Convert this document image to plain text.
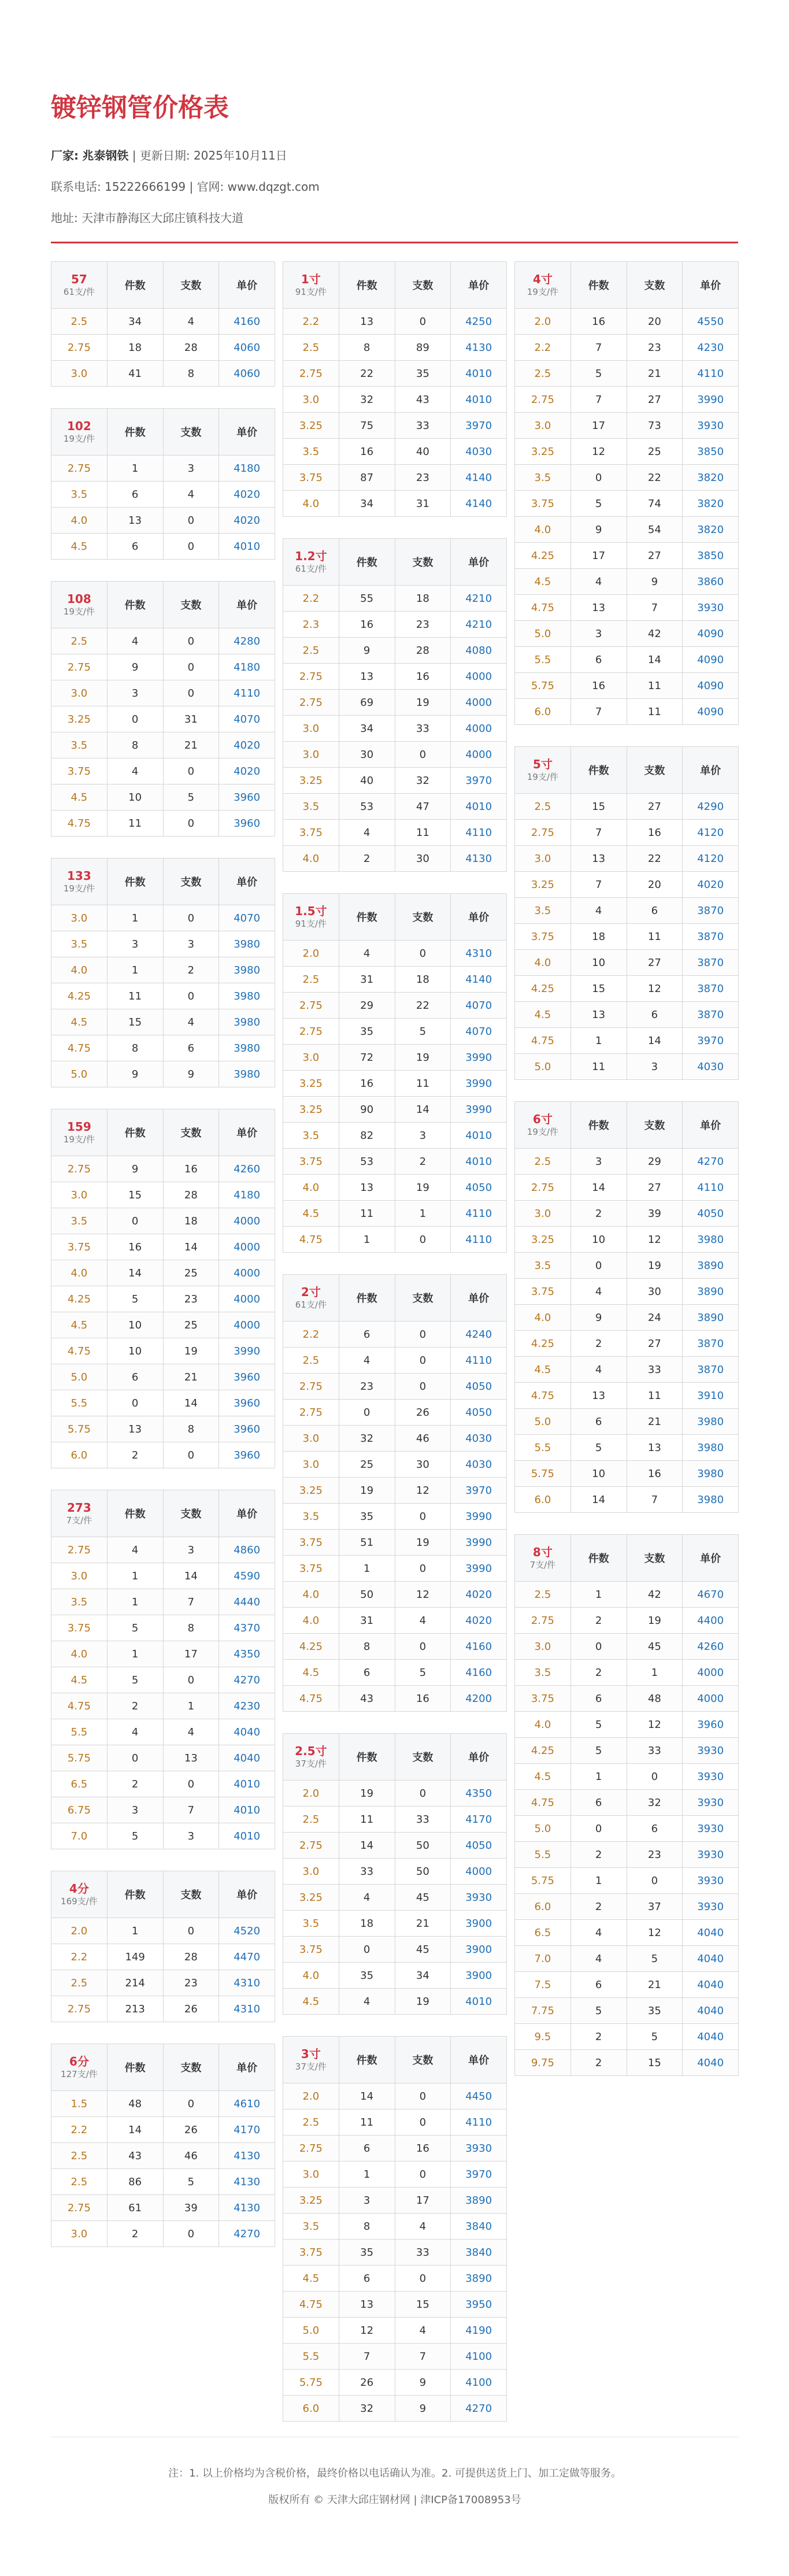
镀锌钢管价格表

厂家: 兆泰钢铁 | 更新日期: 2025年10月11日

联系电话: 15222666199 | 官网: www.dqzgt.com

地址: 天津市静海区大邱庄镇科技大道

57
61支/件	件数	支数	单价
2.5	34	4	4160
2.75	18	28	4060
3.0	41	8	4060
102
19支/件	件数	支数	单价
2.75	1	3	4180
3.5	6	4	4020
4.0	13	0	4020
4.5	6	0	4010
108
19支/件	件数	支数	单价
2.5	4	0	4280
2.75	9	0	4180
3.0	3	0	4110
3.25	0	31	4070
3.5	8	21	4020
3.75	4	0	4020
4.5	10	5	3960
4.75	11	0	3960
133
19支/件	件数	支数	单价
3.0	1	0	4070
3.5	3	3	3980
4.0	1	2	3980
4.25	11	0	3980
4.5	15	4	3980
4.75	8	6	3980
5.0	9	9	3980
159
19支/件	件数	支数	单价
2.75	9	16	4260
3.0	15	28	4180
3.5	0	18	4000
3.75	16	14	4000
4.0	14	25	4000
4.25	5	23	4000
4.5	10	25	4000
4.75	10	19	3990
5.0	6	21	3960
5.5	0	14	3960
5.75	13	8	3960
6.0	2	0	3960
273
7支/件	件数	支数	单价
2.75	4	3	4860
3.0	1	14	4590
3.5	1	7	4440
3.75	5	8	4370
4.0	1	17	4350
4.5	5	0	4270
4.75	2	1	4230
5.5	4	4	4040
5.75	0	13	4040
6.5	2	0	4010
6.75	3	7	4010
7.0	5	3	4010
4分
169支/件	件数	支数	单价
2.0	1	0	4520
2.2	149	28	4470
2.5	214	23	4310
2.75	213	26	4310
6分
127支/件	件数	支数	单价
1.5	48	0	4610
2.2	14	26	4170
2.5	43	46	4130
2.5	86	5	4130
2.75	61	39	4130
3.0	2	0	4270
1寸
91支/件	件数	支数	单价
2.2	13	0	4250
2.5	8	89	4130
2.75	22	35	4010
3.0	32	43	4010
3.25	75	33	3970
3.5	16	40	4030
3.75	87	23	4140
4.0	34	31	4140
1.2寸
61支/件	件数	支数	单价
2.2	55	18	4210
2.3	16	23	4210
2.5	9	28	4080
2.75	13	16	4000
2.75	69	19	4000
3.0	34	33	4000
3.0	30	0	4000
3.25	40	32	3970
3.5	53	47	4010
3.75	4	11	4110
4.0	2	30	4130
1.5寸
91支/件	件数	支数	单价
2.0	4	0	4310
2.5	31	18	4140
2.75	29	22	4070
2.75	35	5	4070
3.0	72	19	3990
3.25	16	11	3990
3.25	90	14	3990
3.5	82	3	4010
3.75	53	2	4010
4.0	13	19	4050
4.5	11	1	4110
4.75	1	0	4110
2寸
61支/件	件数	支数	单价
2.2	6	0	4240
2.5	4	0	4110
2.75	23	0	4050
2.75	0	26	4050
3.0	32	46	4030
3.0	25	30	4030
3.25	19	12	3970
3.5	35	0	3990
3.75	51	19	3990
3.75	1	0	3990
4.0	50	12	4020
4.0	31	4	4020
4.25	8	0	4160
4.5	6	5	4160
4.75	43	16	4200
2.5寸
37支/件	件数	支数	单价
2.0	19	0	4350
2.5	11	33	4170
2.75	14	50	4050
3.0	33	50	4000
3.25	4	45	3930
3.5	18	21	3900
3.75	0	45	3900
4.0	35	34	3900
4.5	4	19	4010
3寸
37支/件	件数	支数	单价
2.0	14	0	4450
2.5	11	0	4110
2.75	6	16	3930
3.0	1	0	3970
3.25	3	17	3890
3.5	8	4	3840
3.75	35	33	3840
4.5	6	0	3890
4.75	13	15	3950
5.0	12	4	4190
5.5	7	7	4100
5.75	26	9	4100
6.0	32	9	4270
4寸
19支/件	件数	支数	单价
2.0	16	20	4550
2.2	7	23	4230
2.5	5	21	4110
2.75	7	27	3990
3.0	17	73	3930
3.25	12	25	3850
3.5	0	22	3820
3.75	5	74	3820
4.0	9	54	3820
4.25	17	27	3850
4.5	4	9	3860
4.75	13	7	3930
5.0	3	42	4090
5.5	6	14	4090
5.75	16	11	4090
6.0	7	11	4090
5寸
19支/件	件数	支数	单价
2.5	15	27	4290
2.75	7	16	4120
3.0	13	22	4120
3.25	7	20	4020
3.5	4	6	3870
3.75	18	11	3870
4.0	10	27	3870
4.25	15	12	3870
4.5	13	6	3870
4.75	1	14	3970
5.0	11	3	4030
6寸
19支/件	件数	支数	单价
2.5	3	29	4270
2.75	14	27	4110
3.0	2	39	4050
3.25	10	12	3980
3.5	0	19	3890
3.75	4	30	3890
4.0	9	24	3890
4.25	2	27	3870
4.5	4	33	3870
4.75	13	11	3910
5.0	6	21	3980
5.5	5	13	3980
5.75	10	16	3980
6.0	14	7	3980
8寸
7支/件	件数	支数	单价
2.5	1	42	4670
2.75	2	19	4400
3.0	0	45	4260
3.5	2	1	4000
3.75	6	48	4000
4.0	5	12	3960
4.25	5	33	3930
4.5	1	0	3930
4.75	6	32	3930
5.0	0	6	3930
5.5	2	23	3930
5.75	1	0	3930
6.0	2	37	3930
6.5	4	12	4040
7.0	4	5	4040
7.5	6	21	4040
7.75	5	35	4040
9.5	2	5	4040
9.75	2	15	4040

注：1. 以上价格均为含税价格，最终价格以电话确认为准。2. 可提供送货上门、加工定做等服务。

版权所有 © 天津大邱庄钢材网 | 津ICP备17008953号
